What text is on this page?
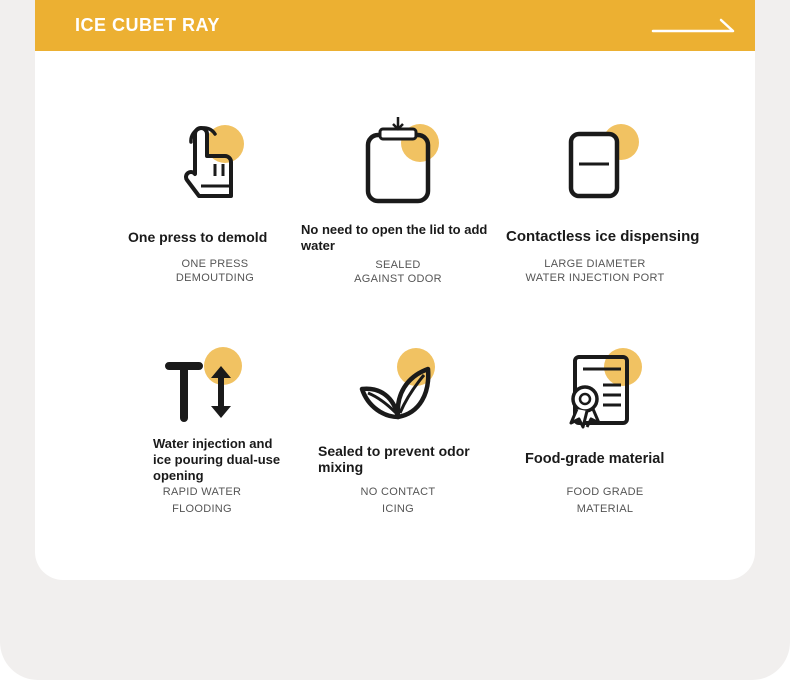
ICE CUBET RAY
One press to demold
ONE PRESS
DEMOUTDING
No need to open the lid to add water
SEALED
AGAINST ODOR
Contactless ice dispensing
LARGE DIAMETER
WATER INJECTION PORT
Water injection and ice pouring dual-use opening
RAPID WATER
FLOODING
Sealed to prevent odor mixing
NO CONTACT
ICING
Food-grade material
FOOD GRADE
MATERIAL
